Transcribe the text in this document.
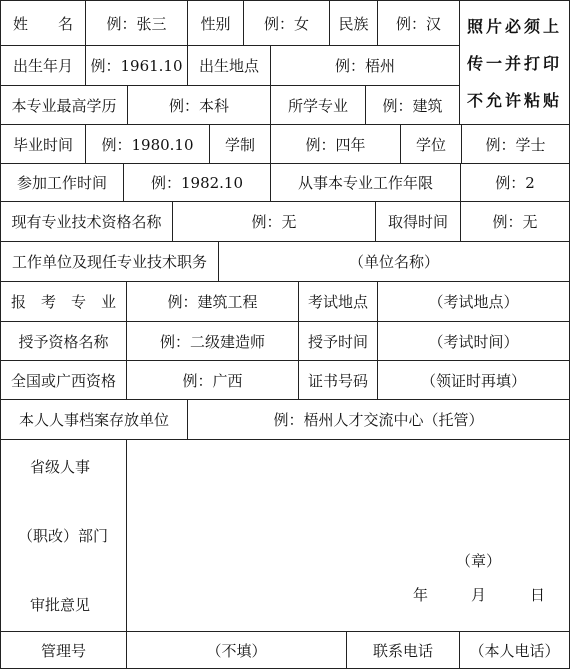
姓　　名	例：张三	性别	例：女	民族	例：汉	照片必须上
传一并打印
不允许粘贴
出生年月	例：1961.10	出生地点	例：梧州
本专业最高学历	例：本科	所学专业	例：建筑
毕业时间	例：1980.10	学制	例：四年	学位	例：学士
参加工作时间	例：1982.10	从事本专业工作年限	例：2
现有专业技术资格名称	例：无	取得时间	例：无
工作单位及现任专业技术职务	（单位名称）
报　考　专　业	例：建筑工程	考试地点	（考试地点）
授予资格名称	例：二级建造师	授予时间	（考试时间）
全国或广西资格	例：广西	证书号码	（领证时再填）
本人人事档案存放单位	例：梧州人才交流中心（托管）
省级人事
（职改）部门
审批意见
（章）
年	月	日
管理号	（不填）	联系电话	（本人电话）
